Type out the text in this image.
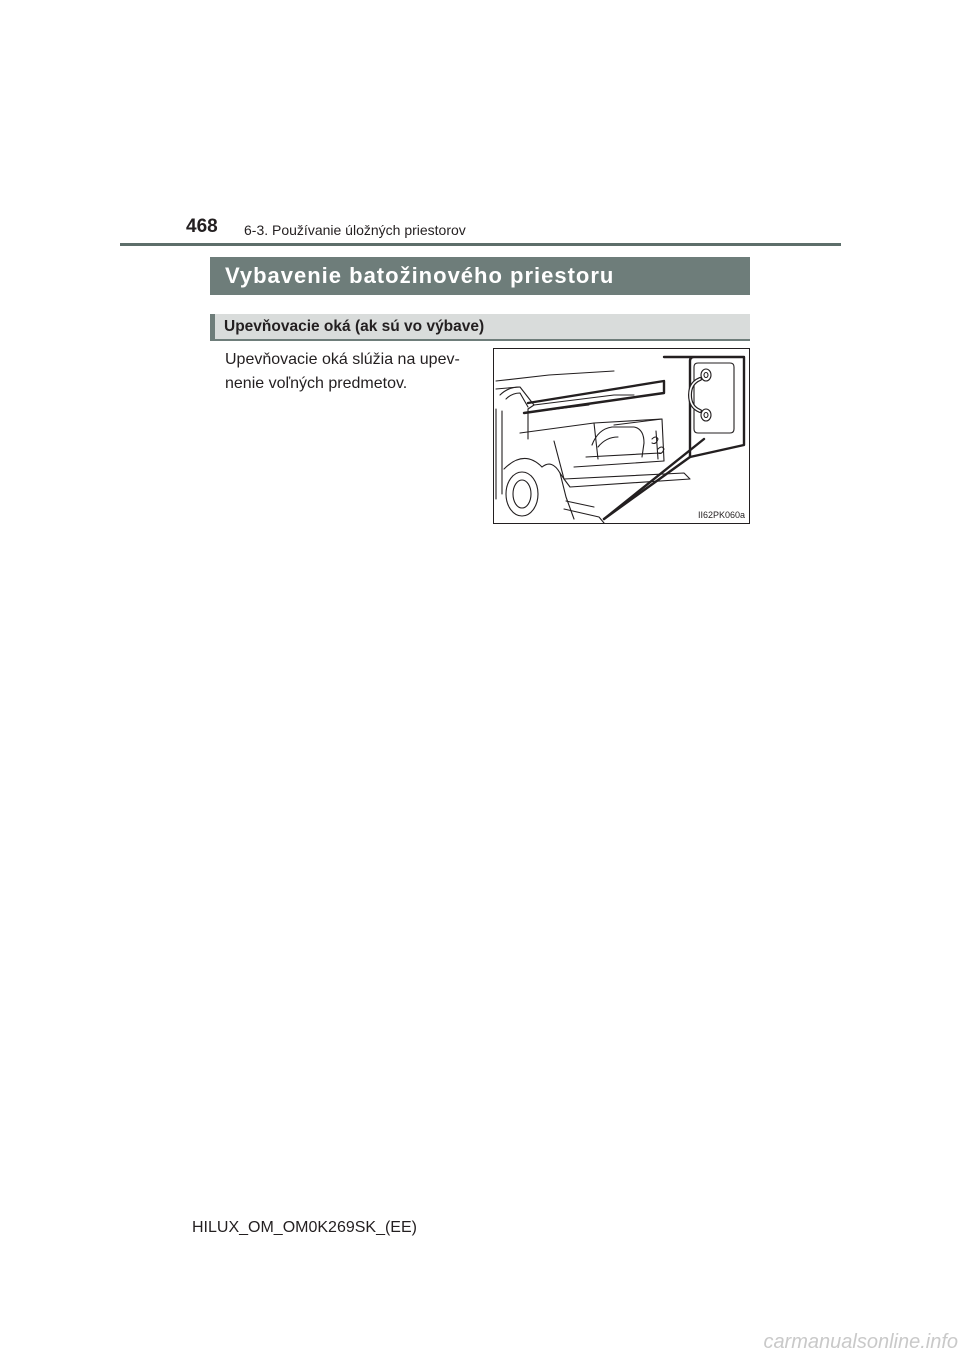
468 6-3. Používanie úložných priestorov
Vybavenie batožinového priestoru
Upevňovacie oká (ak sú vo výbave)
Upevňovacie oká slúžia na upev-
nenie voľných predmetov.
II62PK060a
HILUX_OM_OM0K269SK_(EE)
carmanualsonline.info
